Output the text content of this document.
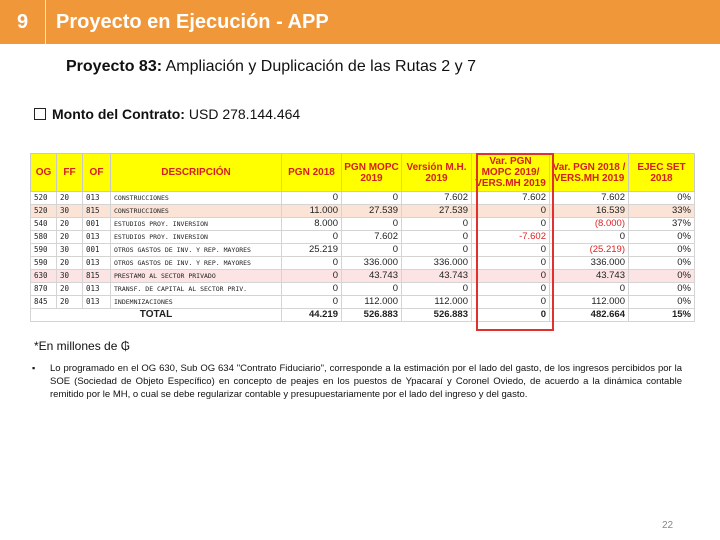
9	Proyecto en Ejecución - APP
Proyecto 83: Ampliación y Duplicación de las Rutas 2 y 7
Monto del Contrato: USD 278.144.464
OG	FF	OF	DESCRIPCIÓN	PGN 2018	PGN MOPC 2019	Versión M.H. 2019	Var. PGN MOPC 2019/ VERS.MH 2019	Var. PGN 2018 / VERS.MH 2019	EJEC SET 2018
520	20	013	CONSTRUCCIONES	0	0	7.602	7.602	7.602	0%
520	30	815	CONSTRUCCIONES	11.000	27.539	27.539	0	16.539	33%
540	20	001	ESTUDIOS PROY. INVERSION	8.000	0	0	0	(8.000)	37%
580	20	013	ESTUDIOS PROY. INVERSION	0	7.602	0	-7.602	0	0%
590	30	001	OTROS GASTOS DE INV. Y REP. MAYORES	25.219	0	0	0	(25.219)	0%
590	20	013	OTROS GASTOS DE INV. Y REP. MAYORES	0	336.000	336.000	0	336.000	0%
630	30	815	PRESTAMO AL SECTOR PRIVADO	0	43.743	43.743	0	43.743	0%
870	20	013	TRANSF. DE CAPITAL AL SECTOR PRIV.	0	0	0	0	0	0%
845	20	013	INDEMNIZACIONES	0	112.000	112.000	0	112.000	0%
TOTAL				44.219	526.883	526.883	0	482.664	15%
*En millones de ₲
▪ Lo programado en el OG 630, Sub OG 634 "Contrato Fiduciario", corresponde a la estimación por el lado del gasto, de los ingresos percibidos por la SOE (Sociedad de Objeto Específico) en concepto de peajes en los puestos de Ypacaraí y Coronel Oviedo, de acuerdo a la dinámica contable remitido por le MH, o cual se debe regularizar contable y presupuestariamente por el lado del ingreso y del gasto.
22
